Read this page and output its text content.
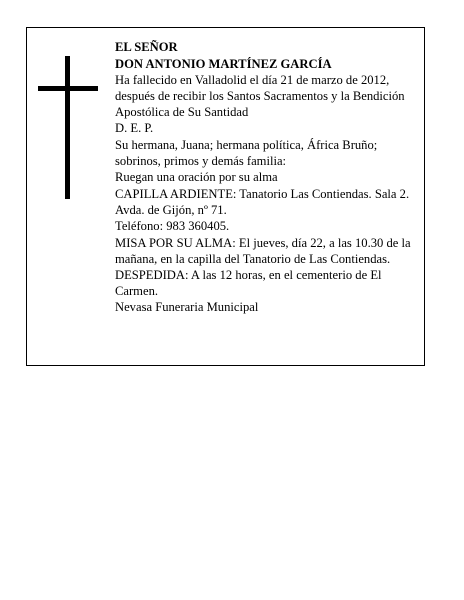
EL SEÑOR

DON ANTONIO MARTÍNEZ GARCÍA

Ha fallecido en Valladolid el día 21 de marzo de 2012, después de recibir los Santos Sacramentos y la Bendición Apostólica de Su Santidad

D. E. P.

Su hermana, Juana; hermana política, África Bruño; sobrinos, primos y demás familia:

Ruegan una oración por su alma

CAPILLA ARDIENTE: Tanatorio Las Contiendas. Sala 2. Avda. de Gijón, nº 71.

Teléfono: 983 360405.

MISA POR SU ALMA: El jueves, día 22, a las 10.30 de la mañana, en la capilla del Tanatorio de Las Contiendas.

DESPEDIDA: A las 12 horas, en el cementerio de El Carmen.

Nevasa Funeraria Municipal
